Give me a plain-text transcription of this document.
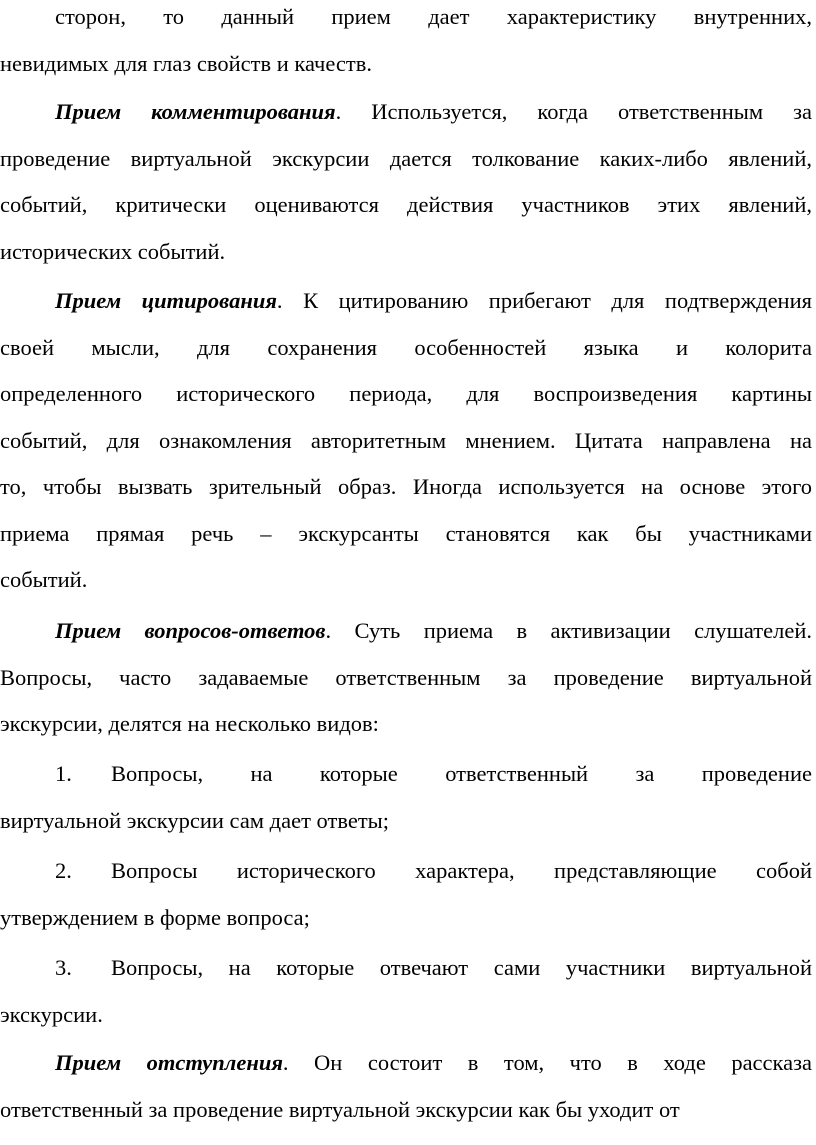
сторон, то данный прием дает характеристику внутренних,
невидимых для глаз свойств и качеств.
Прием комментирования. Используется, когда ответственным за
проведение виртуальной экскурсии дается толкование каких-либо явлений,
событий, критически оцениваются действия участников этих явлений,
исторических событий.
Прием цитирования. К цитированию прибегают для подтверждения
своей мысли, для сохранения особенностей языка и колорита
определенного исторического периода, для воспроизведения картины
событий, для ознакомления авторитетным мнением. Цитата направлена на
то, чтобы вызвать зрительный образ. Иногда используется на основе этого
приема прямая речь – экскурсанты становятся как бы участниками
событий.
Прием вопросов-ответов. Суть приема в активизации слушателей.
Вопросы, часто задаваемые ответственным за проведение виртуальной
экскурсии, делятся на несколько видов:
1. Вопросы, на которые ответственный за проведение
виртуальной экскурсии сам дает ответы;
2. Вопросы исторического характера, представляющие собой
утверждением в форме вопроса;
3. Вопросы, на которые отвечают сами участники виртуальной
экскурсии.
Прием отступления. Он состоит в том, что в ходе рассказа
ответственный за проведение виртуальной экскурсии как бы уходит от
